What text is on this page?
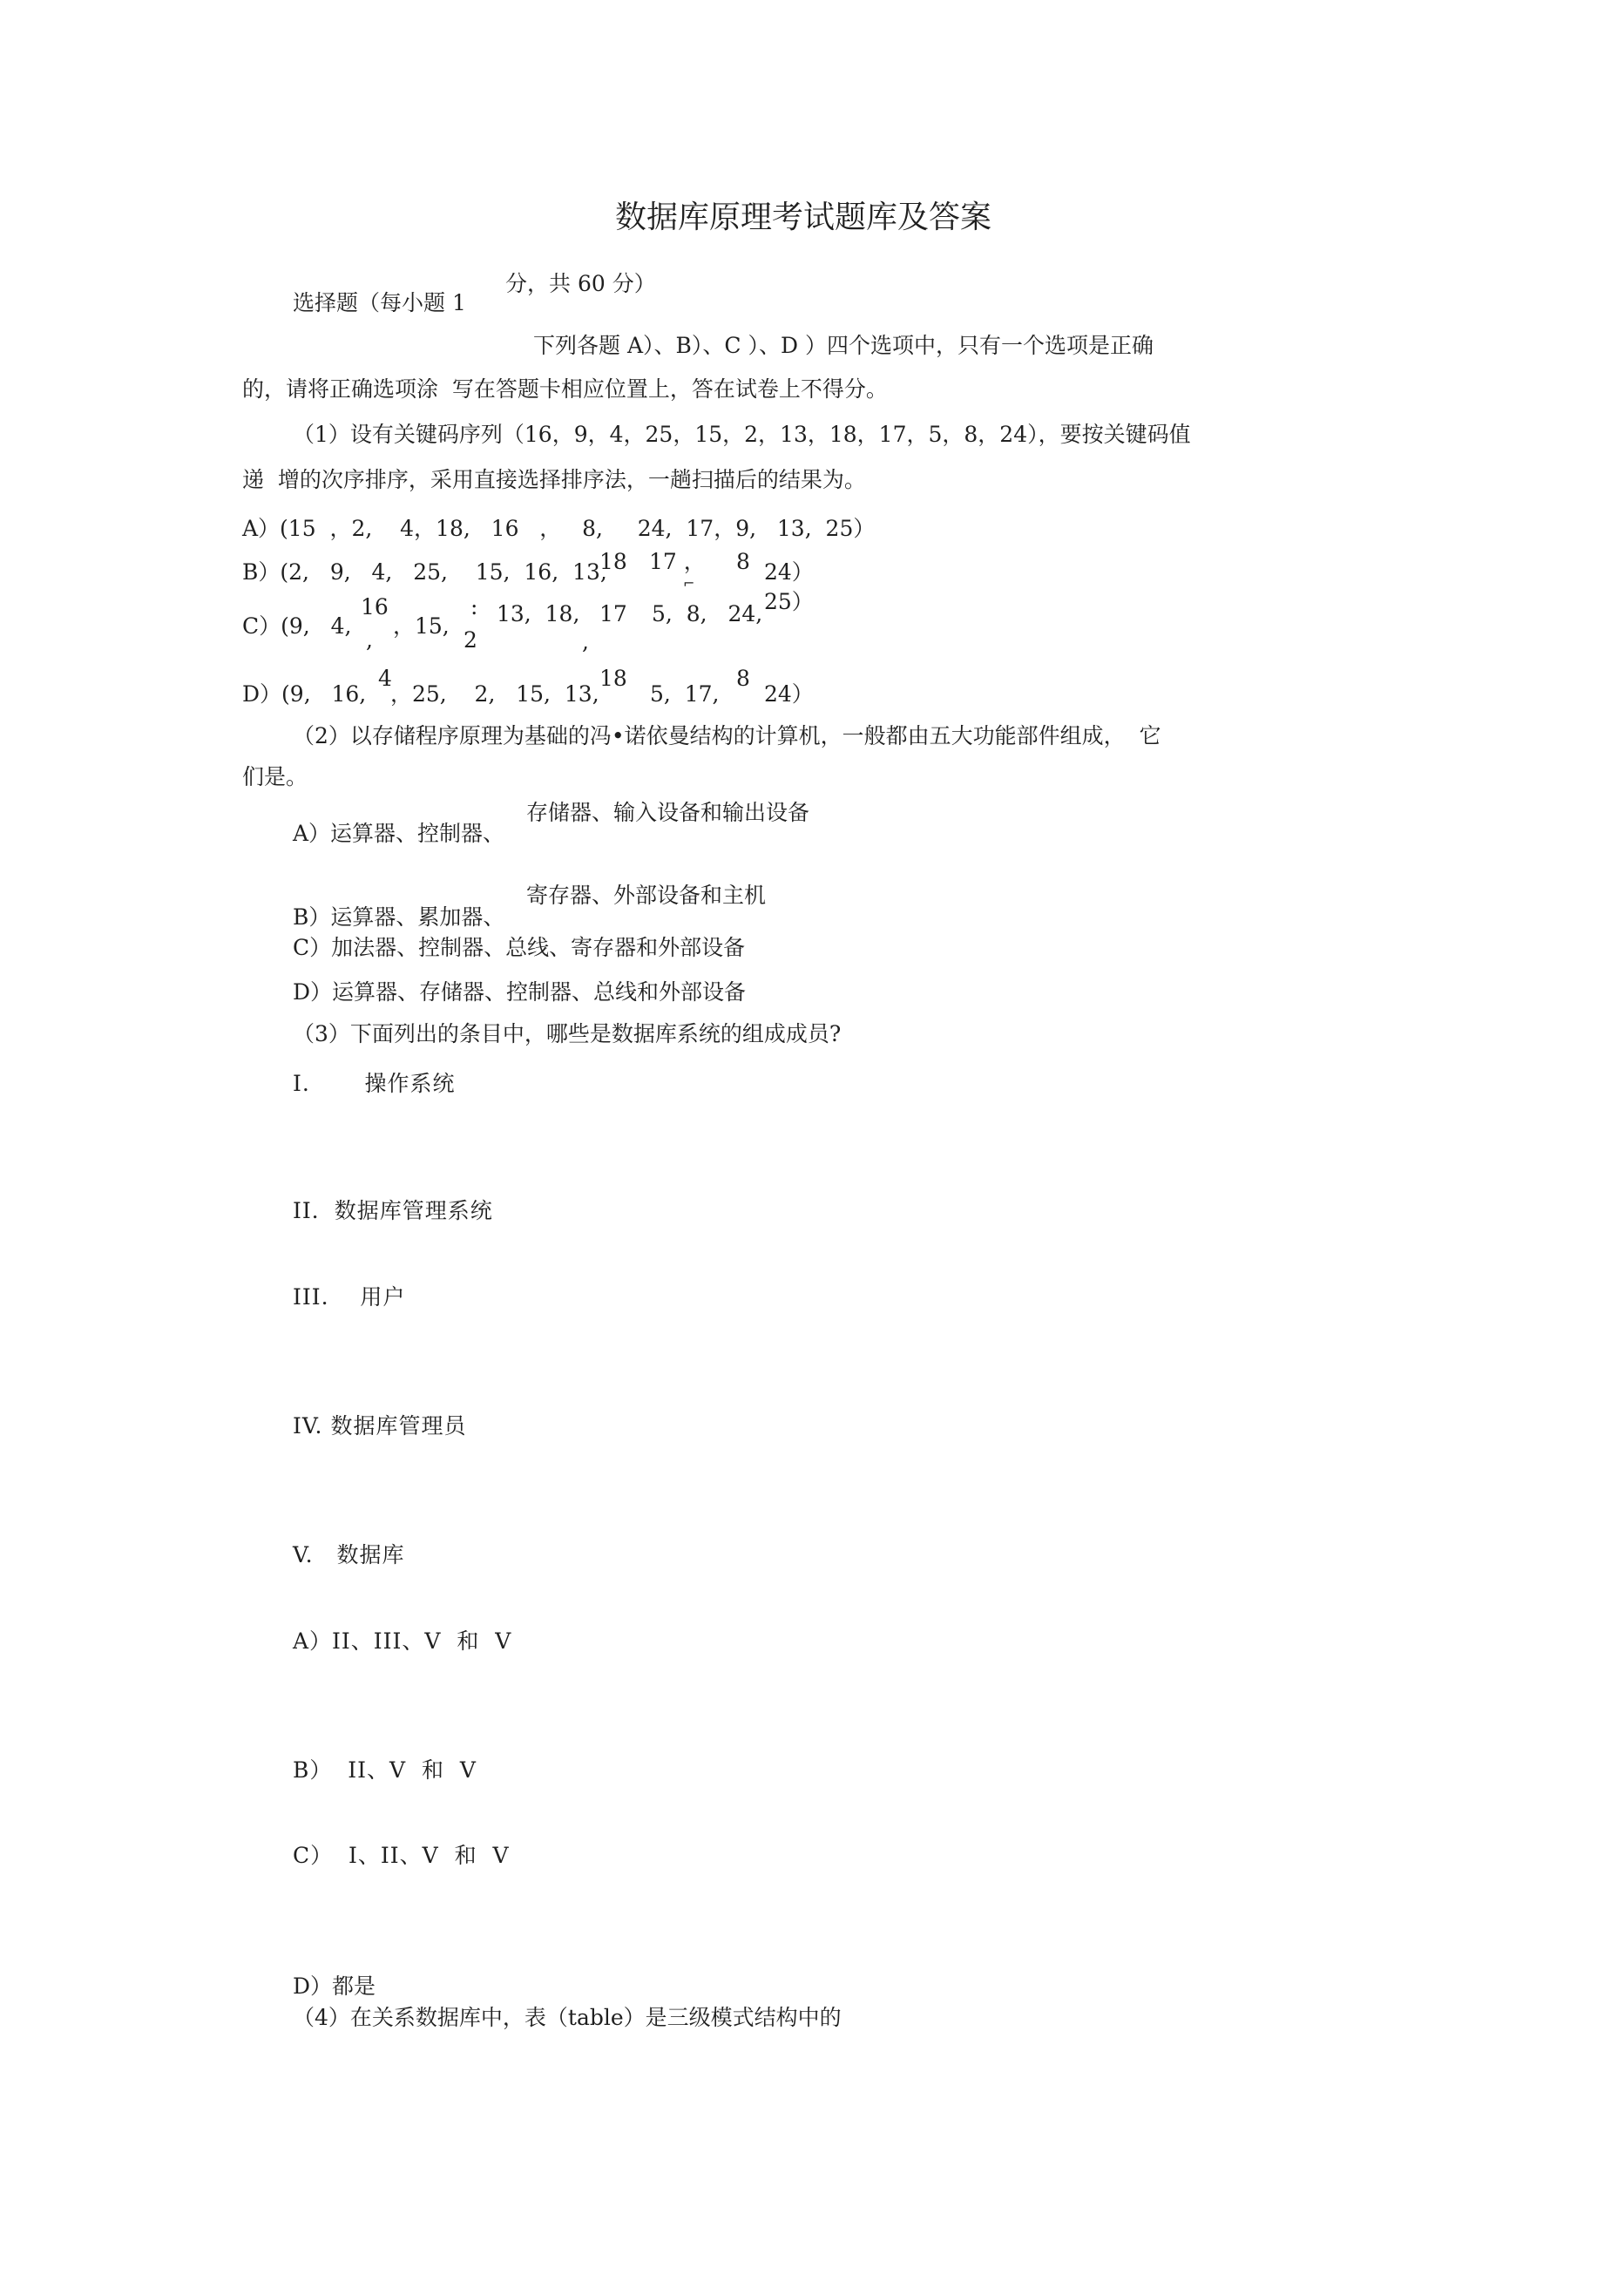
数据库原理考试题库及答案
分，共 60 分）
选择题（每小题 1
下列各题 A）、B）、C ）、D ）四个选项中，只有一个选项是正确
的，请将正确选项涂  写在答题卡相应位置上，答在试卷上不得分。
（1）设有关键码序列（16，9，4，25，15，2，13，18，17，5，8，24），要按关键码值
递  增的次序排序，采用直接选择排序法，一趟扫描后的结果为。
A）(15  ，2,    4，18,   16   ，   8,     24,  17，9,   13,  25）
B）(2,   9,   4,   25,    15,  16,  13,
18 17 ，
⌐
8 24）
C）(9,   4,
16
,
，15,
:
2
13,  18, 17 5,  8,   24, 25）
,
D）(9,   16,
4
，25,    2,   15,  13,
18
5,  17,
8
24）
（2）以存储程序原理为基础的冯•诺依曼结构的计算机，一般都由五大功能部件组成，  它
们是。
存储器、输入设备和输出设备
A）运算器、控制器、
寄存器、外部设备和主机
B）运算器、累加器、
C）加法器、控制器、总线、寄存器和外部设备
D）运算器、存储器、控制器、总线和外部设备
（3）下面列出的条目中，哪些是数据库系统的组成成员?
I.       操作系统
II．数据库管理系统
III.    用户
IV. 数据库管理员
V.   数据库
A）II、III、V  和  V
B）  II、V  和  V
C）  I、II、V  和  V
D）都是
（4）在关系数据库中，表（table）是三级模式结构中的
